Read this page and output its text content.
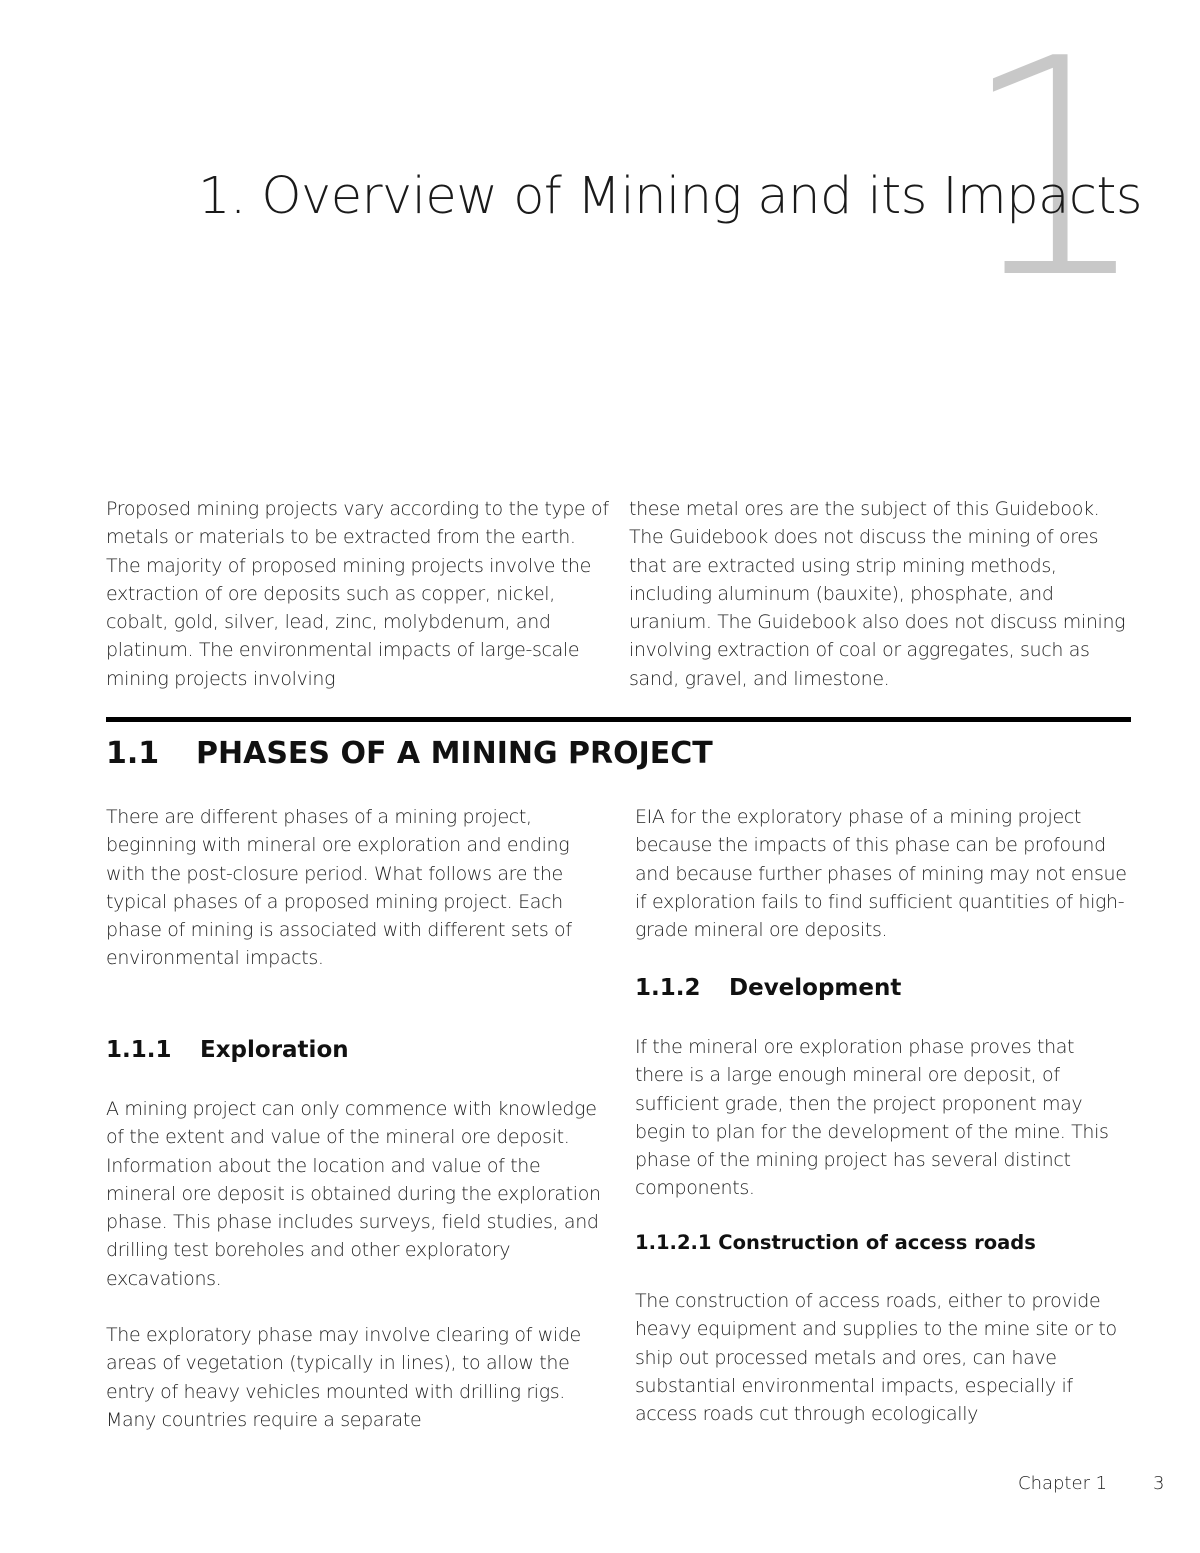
1
1. Overview of Mining and its Impacts

Proposed mining projects vary according to the type of metals or materials to be extracted from the earth. The majority of proposed mining projects involve the extraction of ore deposits such as copper, nickel, cobalt, gold, silver, lead, zinc, molybdenum, and platinum. The environmental impacts of large-scale mining projects involving

these metal ores are the subject of this Guidebook. The Guidebook does not discuss the mining of ores that are extracted using strip mining methods, including aluminum (bauxite), phosphate, and uranium. The Guidebook also does not discuss mining involving extraction of coal or aggregates, such as sand, gravel, and limestone.

1.1 PHASES OF A MINING PROJECT

There are different phases of a mining project, beginning with mineral ore exploration and ending with the post-closure period. What follows are the typical phases of a proposed mining project. Each phase of mining is associated with different sets of environmental impacts.

1.1.1 Exploration

A mining project can only commence with knowledge of the extent and value of the mineral ore deposit. Information about the location and value of the mineral ore deposit is obtained during the exploration phase. This phase includes surveys, field studies, and drilling test boreholes and other exploratory excavations.

The exploratory phase may involve clearing of wide areas of vegetation (typically in lines), to allow the entry of heavy vehicles mounted with drilling rigs. Many countries require a separate

EIA for the exploratory phase of a mining project because the impacts of this phase can be profound and because further phases of mining may not ensue if exploration fails to find sufficient quantities of high-grade mineral ore deposits.

1.1.2 Development

If the mineral ore exploration phase proves that there is a large enough mineral ore deposit, of sufficient grade, then the project proponent may begin to plan for the development of the mine. This phase of the mining project has several distinct components.

1.1.2.1 Construction of access roads

The construction of access roads, either to provide heavy equipment and supplies to the mine site or to ship out processed metals and ores, can have substantial environmental impacts, especially if access roads cut through ecologically

Chapter 1	3
